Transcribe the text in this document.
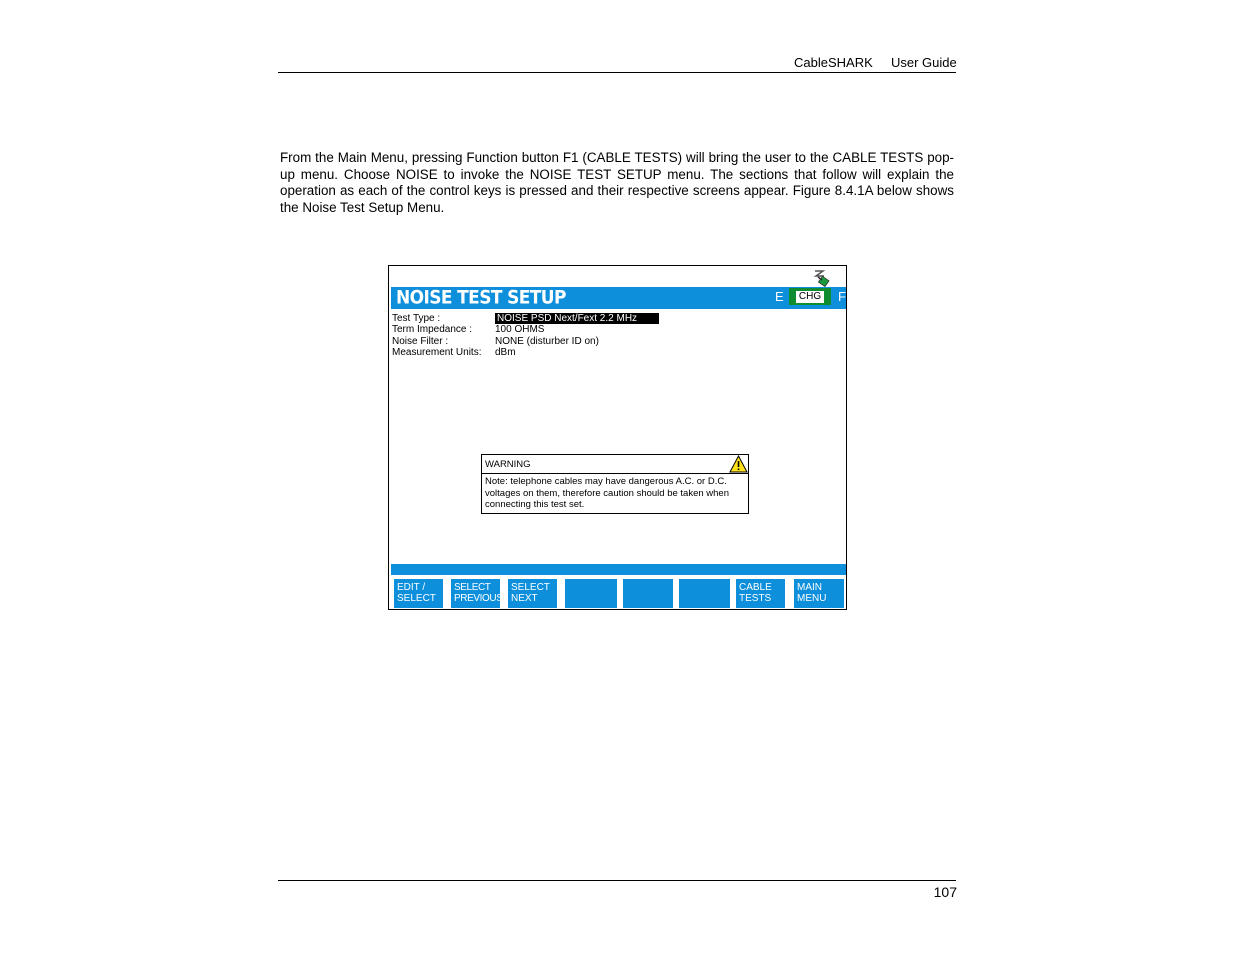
CableSHARK User Guide
From the Main Menu, pressing Function button F1 (CABLE TESTS) will bring the user to the CABLE TESTS pop-up menu. Choose NOISE to invoke the NOISE TEST SETUP menu. The sections that follow will explain the operation as each of the control keys is pressed and their respective screens appear. Figure 8.4.1A below shows the Noise Test Setup Menu.
NOISE TEST SETUP	E	CHG F
Test Type :	NOISE PSD Next/Fext 2.2 MHz
Term Impedance : 100 OHMS
Noise Filter :	NONE (disturber ID on)
Measurement Units: dBm
WARNING
Note: telephone cables may have dangerous A.C. or D.C. voltages on them, therefore caution should be taken when connecting this test set.
EDIT /
SELECT
SELECT
PREVIOUS
SELECT
NEXT
CABLE
TESTS
MAIN
MENU
107
